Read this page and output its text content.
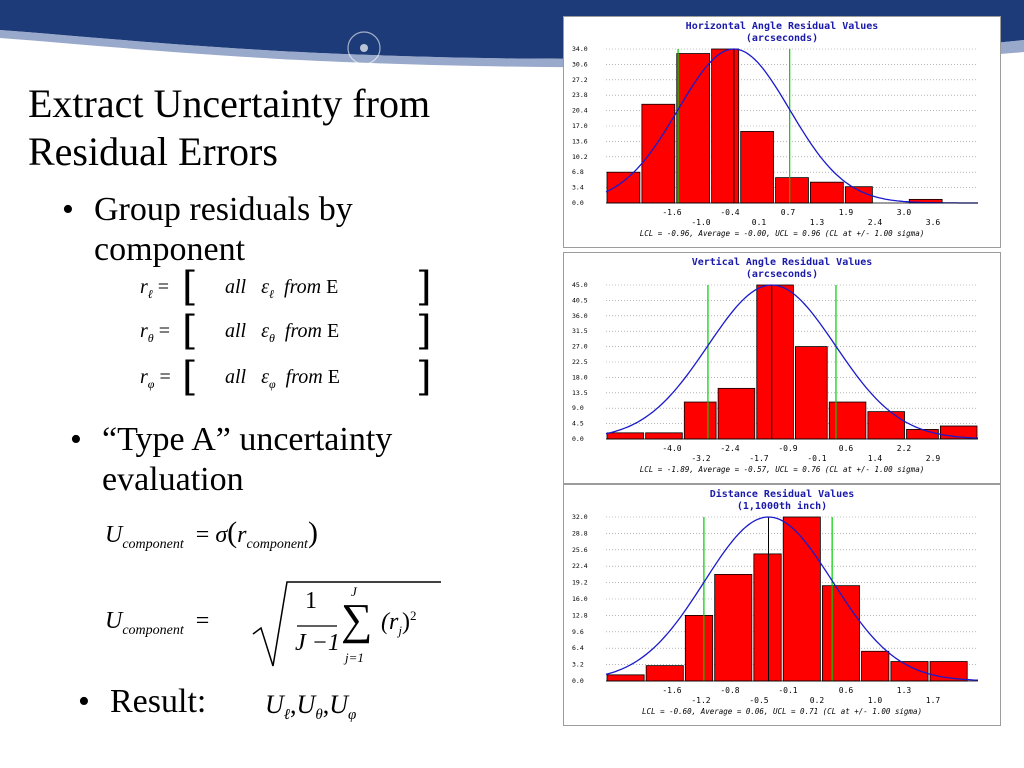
Extract Uncertainty from
Residual Errors
• Group residuals by
component
$r_\ell$ = [ all $\varepsilon_\ell$ from E ]
$r_\theta$ = [ all $\varepsilon_\theta$ from E ]
$r_\varphi$ = [ all $\varepsilon_\varphi$ from E ]
• “Type A” uncertainty
evaluation
$U_{component} = \sigma(r_{component})$
$U_{component}$ =
1
J −1
J
∑
j=1
$(r_j)^2$
• Result: $U_\ell,U_\theta,U_\varphi$
Horizontal Angle Residual Values
(arcseconds)
34.0
30.6
27.2
23.8
20.4
17.0
13.6
10.2
6.8
3.4
0.0
-1.6	-0.4	0.7	1.9	3.0
-1.0	0.1	1.3	2.4	3.6
LCL = -0.96, Average = -0.00, UCL = 0.96 (CL at +/- 1.00 sigma)
Vertical Angle Residual Values
(arcseconds)
45.0
40.5
36.0
31.5
27.0
22.5
18.0
13.5
9.0
4.5
0.0
-4.0	-2.4	-0.9	0.6	2.2
-3.2	-1.7	-0.1	1.4	2.9
LCL = -1.89, Average = -0.57, UCL = 0.76 (CL at +/- 1.00 sigma)
Distance Residual Values
(1,1000th inch)
32.0
28.8
25.6
22.4
19.2
16.0
12.8
9.6
6.4
3.2
0.0
-1.6	-0.8	-0.1	0.6	1.3
-1.2	-0.5	0.2	1.0	1.7
LCL = -0.60, Average = 0.06, UCL = 0.71 (CL at +/- 1.00 sigma)
